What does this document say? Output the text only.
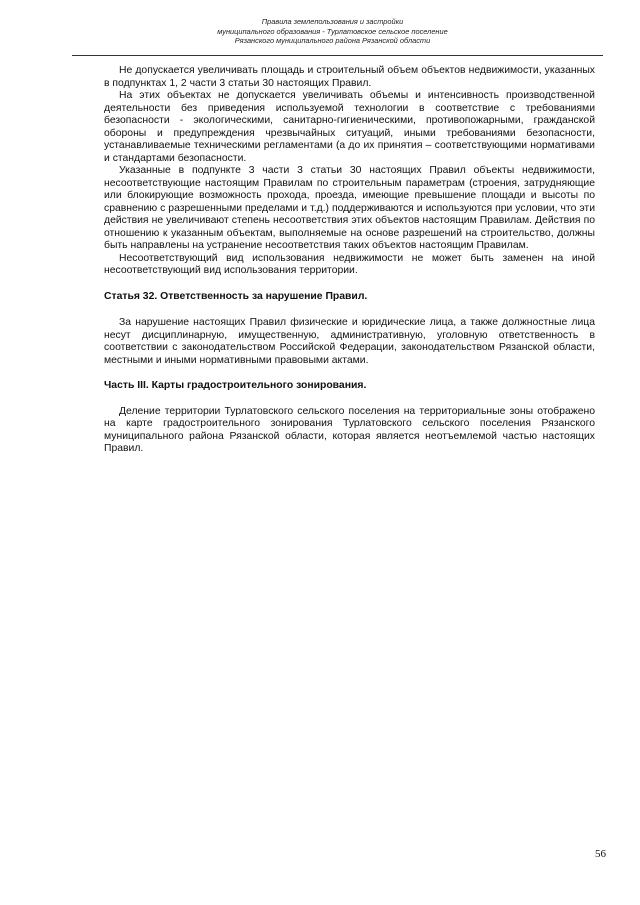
Правила землепользования и застройки
муниципального образования - Турлатовское сельское поселение
Рязанского муниципального района Рязанской области

Не допускается увеличивать площадь и строительный объем объектов недвижимости, указанных в подпунктах 1, 2 части 3 статьи 30 настоящих Правил.

На этих объектах не допускается увеличивать объемы и интенсивность производственной деятельности без приведения используемой технологии в соответствие с требованиями безопасности - экологическими, санитарно-гигиеническими, противопожарными, гражданской обороны и предупреждения чрезвычайных ситуаций, иными требованиями безопасности, устанавливаемые техническими регламентами (а до их принятия – соответствующими нормативами и стандартами безопасности.

Указанные в подпункте 3 части 3 статьи 30 настоящих Правил объекты недвижимости, несоответствующие настоящим Правилам по строительным параметрам (строения, затрудняющие или блокирующие возможность прохода, проезда, имеющие превышение площади и высоты по сравнению с разрешенными пределами и т.д.) поддерживаются и используются при условии, что эти действия не увеличивают степень несоответствия этих объектов настоящим Правилам. Действия по отношению к указанным объектам, выполняемые на основе разрешений на строительство, должны быть направлены на устранение несоответствия таких объектов настоящим Правилам.

Несоответствующий вид использования недвижимости не может быть заменен на иной несоответствующий вид использования территории.

Статья 32. Ответственность за нарушение Правил.

За нарушение настоящих Правил физические и юридические лица, а также должностные лица несут дисциплинарную, имущественную, административную, уголовную ответственность в соответствии с законодательством Российской Федерации, законодательством Рязанской области, местными и иными нормативными правовыми актами.

Часть III. Карты градостроительного зонирования.

Деление территории Турлатовского сельского поселения на территориальные зоны отображено на карте градостроительного зонирования Турлатовского сельского поселения Рязанского муниципального района Рязанской области, которая является неотъемлемой частью настоящих Правил.

56
